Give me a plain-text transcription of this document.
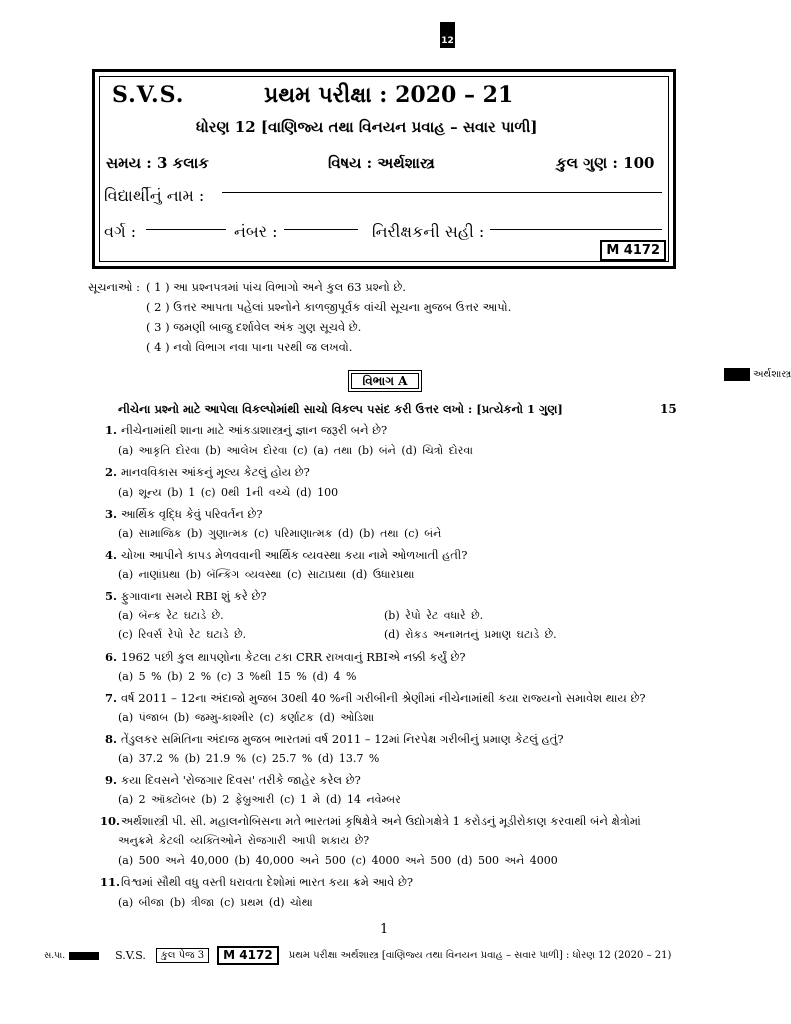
12
S.V.S.	પ્રથમ પરીક્ષા : 2020 – 21
ધોરણ 12 [વાણિજ્ય તથા વિનયન પ્રવાહ – સવાર પાળી]
સમય : 3 કલાક	વિષય : અર્થશાસ્ત્ર	કુલ ગુણ : 100
વિદ્યાર્થીનું નામ :
વર્ગ :	નંબર :	નિરીક્ષકની સહી :
M 4172
સૂચનાઓ : ( 1 ) આ પ્રશ્નપત્રમાં પાંચ વિભાગો અને કુલ 63 પ્રશ્નો છે.
( 2 ) ઉત્તર આપતા પહેલાં પ્રશ્નોને કાળજીપૂર્વક વાંચી સૂચના મુજબ ઉત્તર આપો.
( 3 ) જમણી બાજુ દર્શાવેલ અંક ગુણ સૂચવે છે.
( 4 ) નવો વિભાગ નવા પાના પરથી જ લખવો.
અર્થશાસ્ત્ર
વિભાગ A
નીચેના પ્રશ્નો માટે આપેલા વિકલ્પોમાંથી સાચો વિકલ્પ પસંદ કરી ઉત્તર લખો : [પ્રત્યેકનો 1 ગુણ]	15
1. નીચેનામાંથી શાના માટે આંકડાશાસ્ત્રનું જ્ઞાન જરૂરી બને છે?
(a) આકૃતિ દોરવા (b) આલેખ દોરવા (c) (a) તથા (b) બંને (d) ચિત્રો દોરવા
2. માનવવિકાસ આંકનું મૂલ્ય કેટલું હોય છે?
(a) શૂન્ય (b) 1 (c) 0થી 1ની વચ્ચે (d) 100
3. આર્થિક વૃદ્ધિ કેવું પરિવર્તન છે?
(a) સામાજિક (b) ગુણાત્મક (c) પરિમાણાત્મક (d) (b) તથા (c) બંને
4. ચોખા આપીને કાપડ મેળવવાની આર્થિક વ્યવસ્થા કયા નામે ઓળખાતી હતી?
(a) નાણાંપ્રથા (b) બૅન્કિંગ વ્યવસ્થા (c) સાટાપ્રથા (d) ઉધારપ્રથા
5. ફુગાવાના સમયે RBI શું કરે છે?
(a) બૅન્ક રેટ ઘટાડે છે.	(b) રેપો રેટ વધારે છે.
(c) રિવર્સ રેપો રેટ ઘટાડે છે.	(d) રોકડ અનામતનું પ્રમાણ ઘટાડે છે.
6. 1962 પછી કુલ થાપણોના કેટલા ટકા CRR રાખવાનું RBIએ નક્કી કર્યું છે?
(a) 5 % (b) 2 % (c) 3 %થી 15 % (d) 4 %
7. વર્ષ 2011 – 12ના અંદાજો મુજબ 30થી 40 %ની ગરીબીની શ્રેણીમાં નીચેનામાંથી કયા રાજ્યનો સમાવેશ થાય છે?
(a) પંજાબ (b) જમ્મુ-કાશ્મીર (c) કર્ણાટક (d) ઓડિશા
8. તેંડુલકર સમિતિના અંદાજ મુજબ ભારતમાં વર્ષ 2011 – 12માં નિરપેક્ષ ગરીબીનું પ્રમાણ કેટલું હતું?
(a) 37.2 % (b) 21.9 % (c) 25.7 % (d) 13.7 %
9. કયા દિવસને 'રોજગાર દિવસ' તરીકે જાહેર કરેલ છે?
(a) 2 ઑક્ટોબર (b) 2 ફેબ્રુઆરી (c) 1 મે (d) 14 નવેમ્બર
10.અર્થશાસ્ત્રી પી. સી. મહાલનોબિસના મતે ભારતમાં કૃષિક્ષેત્રે અને ઉદ્યોગક્ષેત્રે 1 કરોડનું મૂડીરોકાણ કરવાથી બંને ક્ષેત્રોમાં
અનુક્રમે કેટલી વ્યક્તિઓને રોજગારી આપી શકાય છે?
(a) 500 અને 40,000 (b) 40,000 અને 500 (c) 4000 અને 500 (d) 500 અને 4000
11.વિશ્વમાં સૌથી વધુ વસ્તી ધરાવતા દેશોમાં ભારત કયા ક્રમે આવે છે?
(a) બીજા (b) ત્રીજા (c) પ્રથમ (d) ચોથા
1
સ.પા.	S.V.S.	કુલ પેજ 3	M 4172	પ્રથમ પરીક્ષા અર્થશાસ્ત્ર [વાણિજ્ય તથા વિનયન પ્રવાહ – સવાર પાળી] : ધોરણ 12 (2020 – 21)
